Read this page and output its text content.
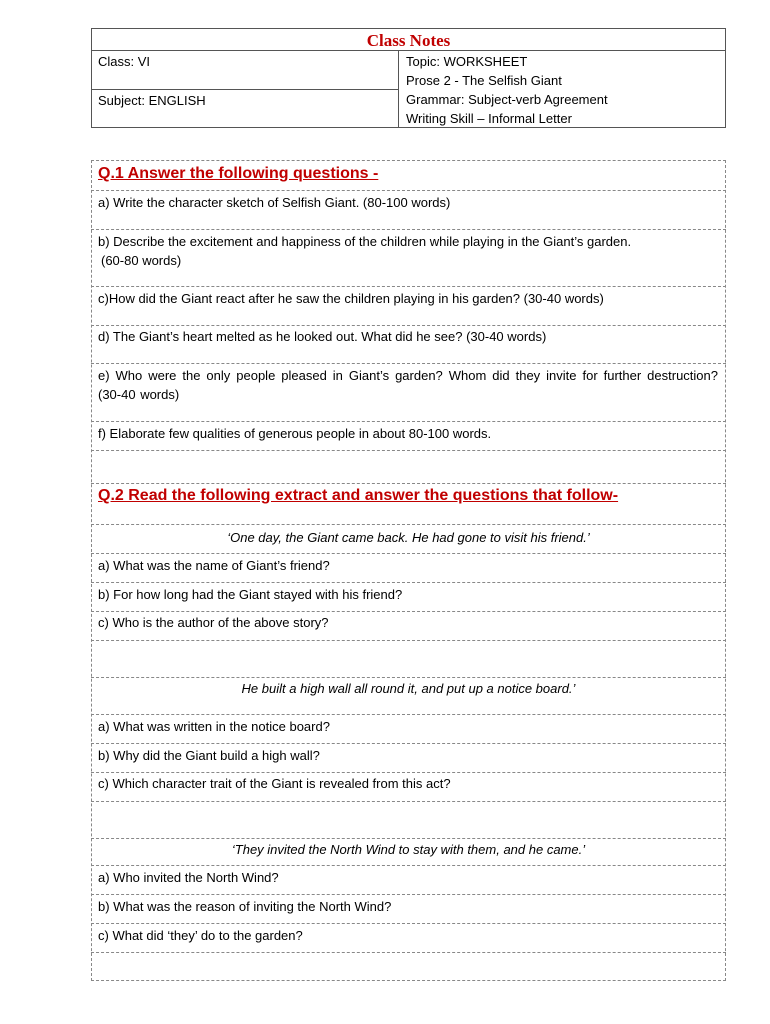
Class Notes
Class: VI
Subject: ENGLISH
Topic: WORKSHEET
Prose 2 - The Selfish Giant
Grammar: Subject-verb Agreement
Writing Skill – Informal Letter
Q.1 Answer the following questions -
a) Write the character sketch of Selfish Giant. (80-100 words)
b) Describe the excitement and happiness of the children while playing in the Giant’s garden.
(60-80 words)
c)How did the Giant react after he saw the children playing in his garden? (30-40 words)
d) The Giant’s heart melted as he looked out. What did he see? (30-40 words)
e) Who were the only people pleased in Giant’s garden? Whom did they invite for further destruction? (30-40 words)
f) Elaborate few qualities of generous people in about 80-100 words.
Q.2 Read the following extract and answer the questions that follow-
‘One day, the Giant came back. He had gone to visit his friend.’
a) What was the name of Giant’s friend?
b) For how long had the Giant stayed with his friend?
c) Who is the author of the above story?
He built a high wall all round it, and put up a notice board.’
a) What was written in the notice board?
b) Why did the Giant build a high wall?
c) Which character trait of the Giant is revealed from this act?
‘They invited the North Wind to stay with them, and he came.’
a) Who invited the North Wind?
b) What was the reason of inviting the North Wind?
c) What did ‘they’ do to the garden?
